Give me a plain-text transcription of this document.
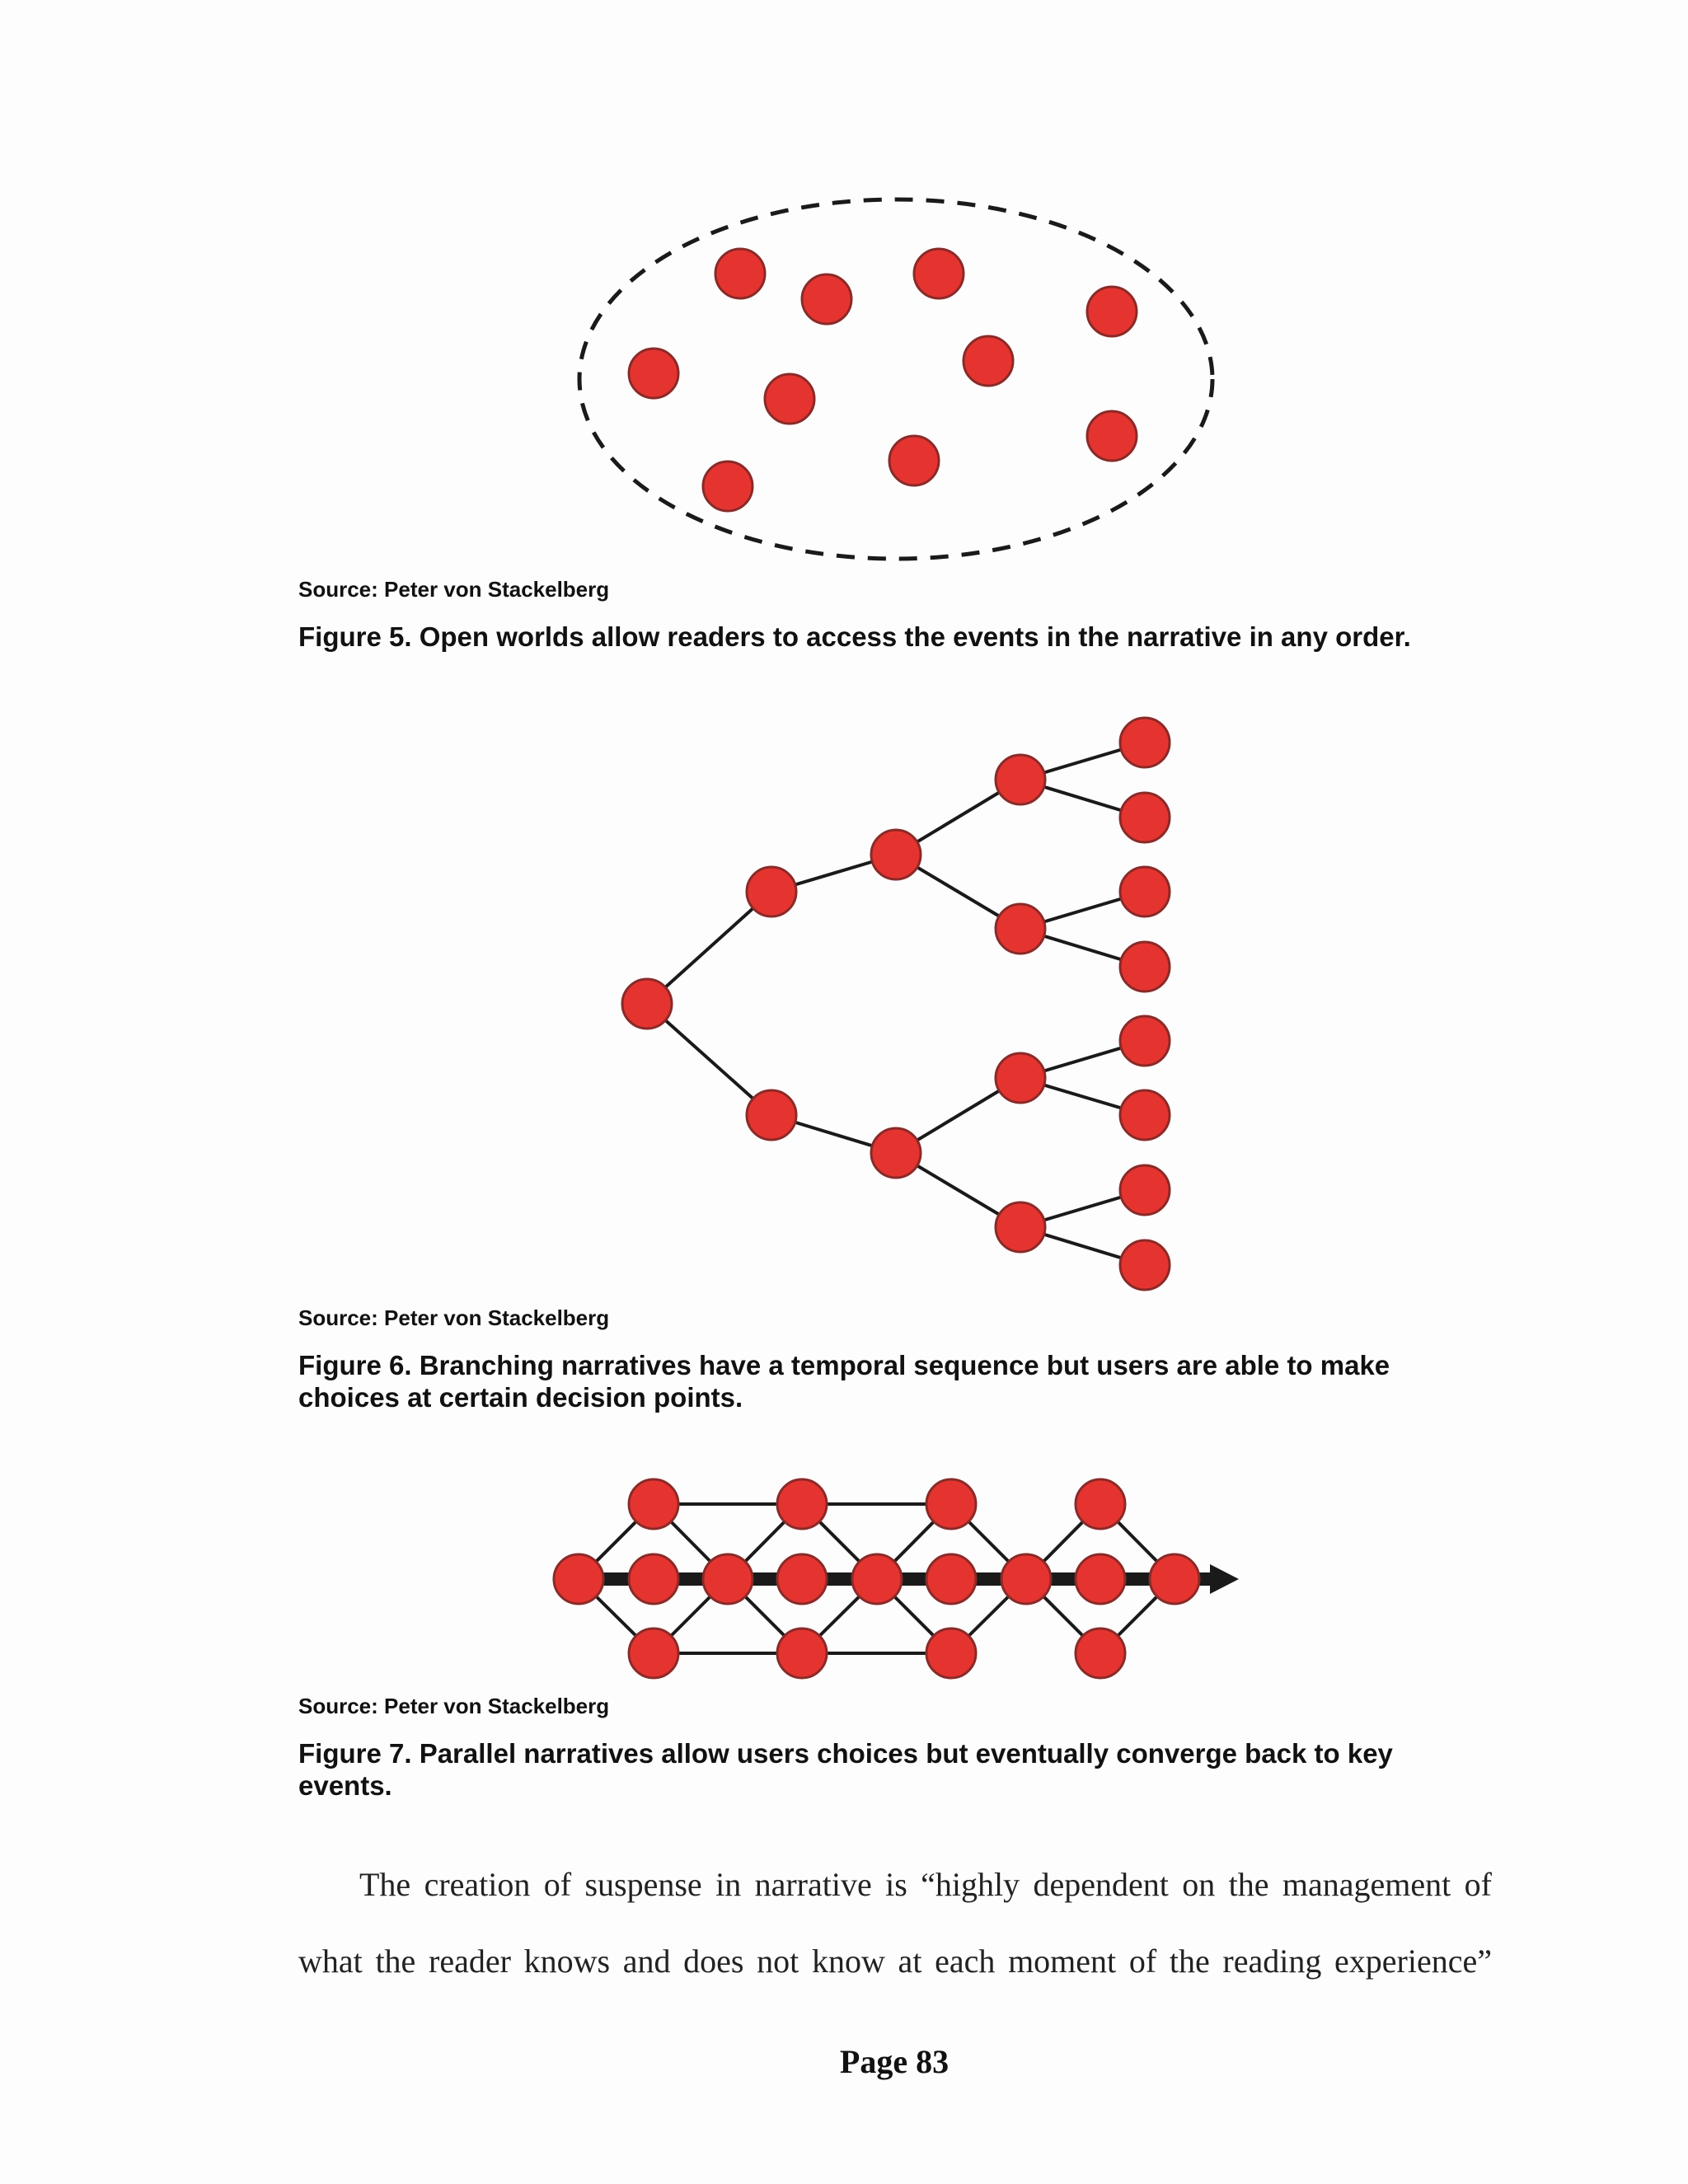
Source: Peter von Stackelberg

Figure 5. Open worlds allow readers to access the events in the narrative in any order.

Source: Peter von Stackelberg

Figure 6. Branching narratives have a temporal sequence but users are able to make choices at certain decision points.

Source: Peter von Stackelberg

Figure 7. Parallel narratives allow users choices but eventually converge back to key events.

The creation of suspense in narrative is “highly dependent on the management of what the reader knows and does not know at each moment of the reading experience”

Page 83
